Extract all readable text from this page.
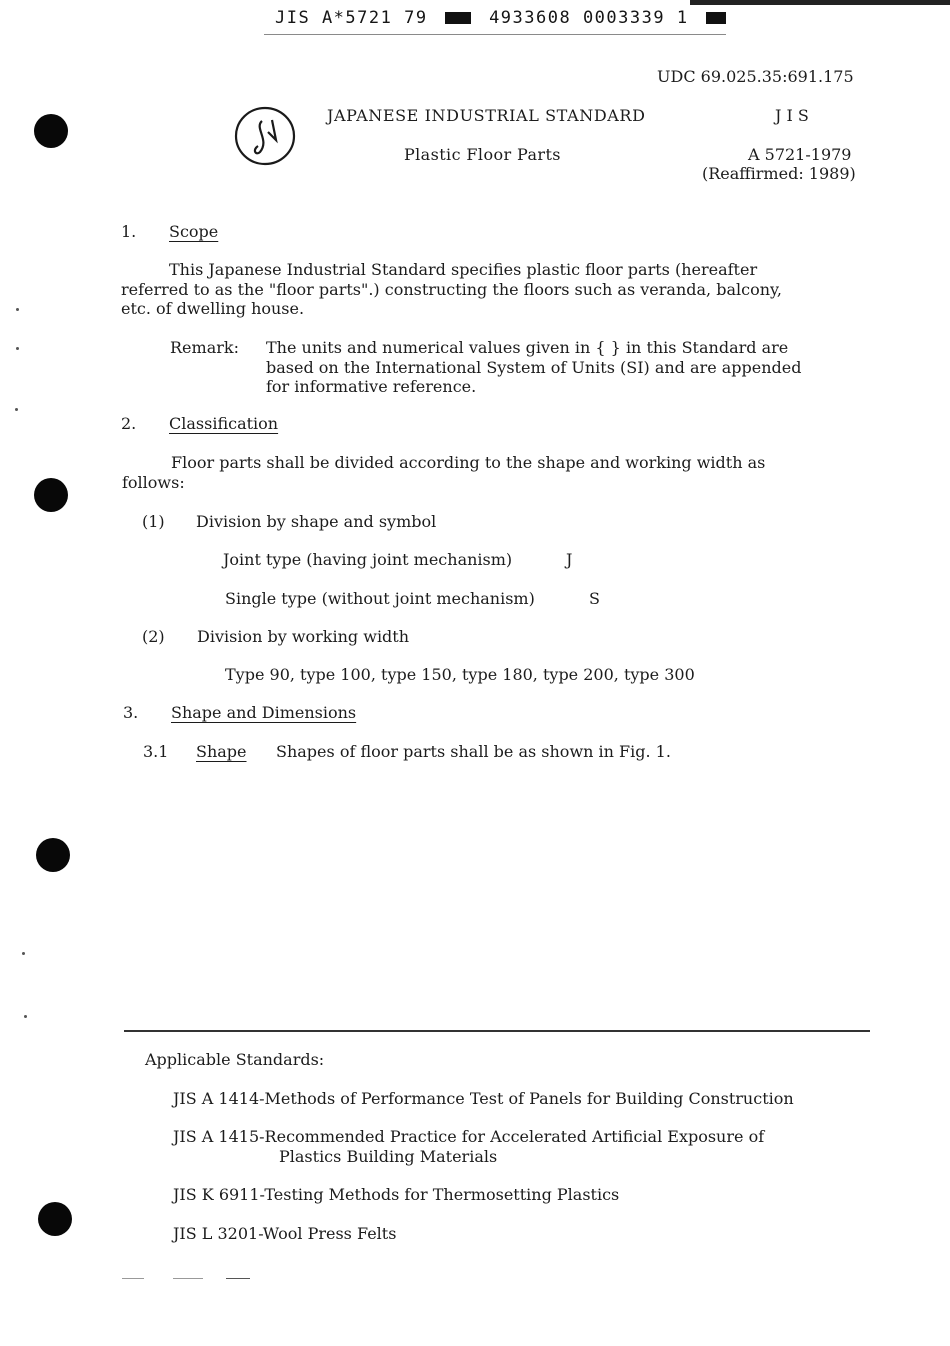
JIS A*5721 79	4933608 0003339 1
UDC 69.025.35:691.175
JAPANESE INDUSTRIAL STANDARD	J I S
Plastic Floor Parts	A 5721-1979
(Reaffirmed: 1989)
1. Scope
This Japanese Industrial Standard specifies plastic floor parts (hereafter
referred to as the "floor parts".) constructing the floors such as veranda, balcony,
etc. of dwelling house.
Remark: The units and numerical values given in { } in this Standard are
based on the International System of Units (SI) and are appended
for informative reference.
2. Classification
Floor parts shall be divided according to the shape and working width as
follows:
(1) Division by shape and symbol
Joint type (having joint mechanism)	J
Single type (without joint mechanism)	S
(2) Division by working width
Type 90, type 100, type 150, type 180, type 200, type 300
3. Shape and Dimensions
3.1 Shape Shapes of floor parts shall be as shown in Fig. 1.
Applicable Standards:
JIS A 1414-Methods of Performance Test of Panels for Building Construction
JIS A 1415-Recommended Practice for Accelerated Artificial Exposure of
Plastics Building Materials
JIS K 6911-Testing Methods for Thermosetting Plastics
JIS L 3201-Wool Press Felts
